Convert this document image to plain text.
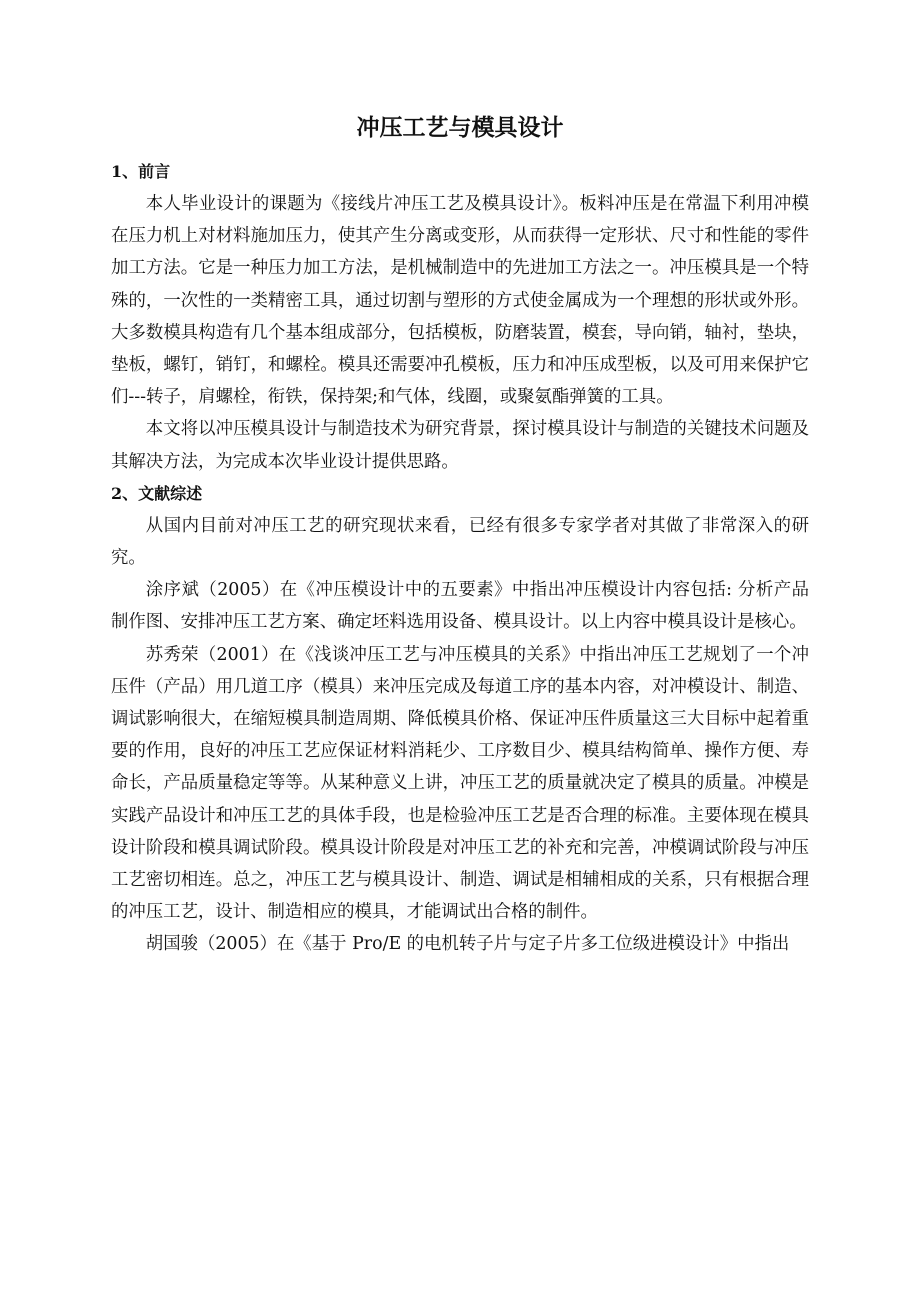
冲压工艺与模具设计

1、前言

本人毕业设计的课题为《接线片冲压工艺及模具设计》。板料冲压是在常温下利用冲模在压力机上对材料施加压力，使其产生分离或变形，从而获得一定形状、尺寸和性能的零件加工方法。它是一种压力加工方法，是机械制造中的先进加工方法之一。冲压模具是一个特殊的，一次性的一类精密工具，通过切割与塑形的方式使金属成为一个理想的形状或外形。大多数模具构造有几个基本组成部分，包括模板，防磨装置，模套，导向销，轴衬，垫块，垫板，螺钉，销钉，和螺栓。模具还需要冲孔模板，压力和冲压成型板，以及可用来保护它们---转子，肩螺栓，衔铁，保持架;和气体，线圈，或聚氨酯弹簧的工具。

本文将以冲压模具设计与制造技术为研究背景，探讨模具设计与制造的关键技术问题及其解决方法，为完成本次毕业设计提供思路。

2、文献综述

从国内目前对冲压工艺的研究现状来看，已经有很多专家学者对其做了非常深入的研究。

涂序斌（2005）在《冲压模设计中的五要素》中指出冲压模设计内容包括: 分析产品制作图、安排冲压工艺方案、确定坯料选用设备、模具设计。以上内容中模具设计是核心。

苏秀荣（2001）在《浅谈冲压工艺与冲压模具的关系》中指出冲压工艺规划了一个冲压件（产品）用几道工序（模具）来冲压完成及每道工序的基本内容，对冲模设计、制造、调试影响很大，在缩短模具制造周期、降低模具价格、保证冲压件质量这三大目标中起着重要的作用，良好的冲压工艺应保证材料消耗少、工序数目少、模具结构简单、操作方便、寿命长，产品质量稳定等等。从某种意义上讲，冲压工艺的质量就决定了模具的质量。冲模是实践产品设计和冲压工艺的具体手段，也是检验冲压工艺是否合理的标准。主要体现在模具设计阶段和模具调试阶段。模具设计阶段是对冲压工艺的补充和完善，冲模调试阶段与冲压工艺密切相连。总之，冲压工艺与模具设计、制造、调试是相辅相成的关系，只有根据合理的冲压工艺，设计、制造相应的模具，才能调试出合格的制件。

胡国骏（2005）在《基于 Pro/E 的电机转子片与定子片多工位级进模设计》中指出
